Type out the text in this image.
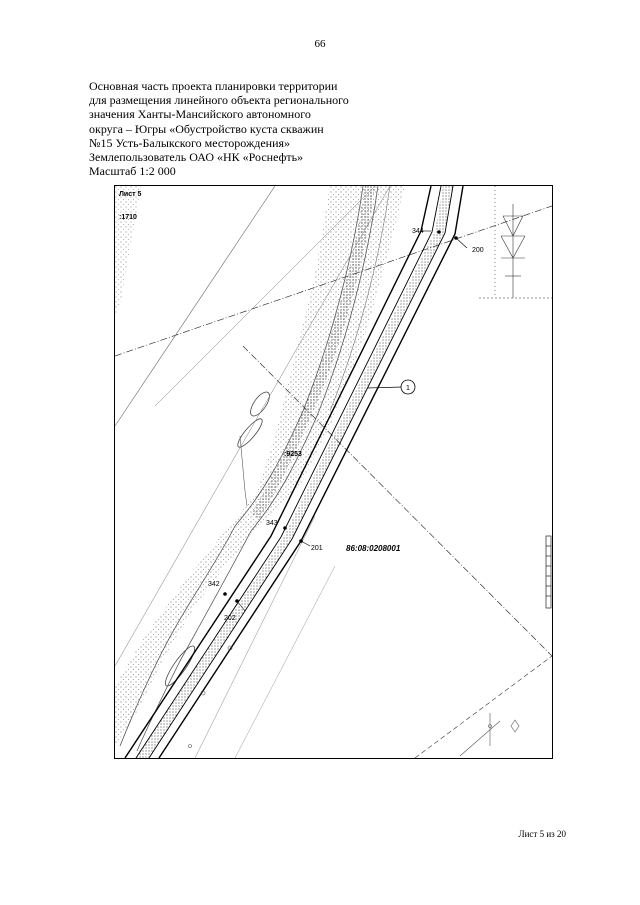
66
Основная часть проекта планировки территории
для размещения линейного объекта регионального
значения Ханты-Мансийского автономного
округа – Югры «Обустройство куста скважин
№15 Усть-Балыкского месторождения»
Землепользователь ОАО «НК «Роснефть»
Масштаб 1:2 000
Лист 5
:1710
:9253
86:08:0208001
344
200
343
201
342
202
1
Лист 5 из 20
